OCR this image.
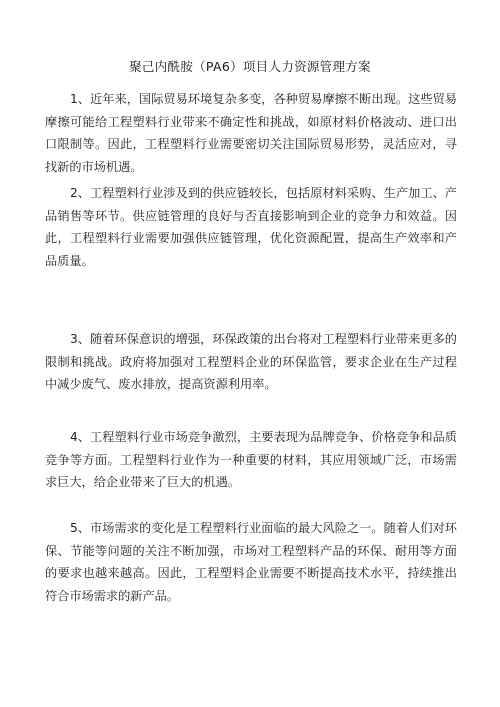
聚己内酰胺（PA6）项目人力资源管理方案

1、近年来，国际贸易环境复杂多变，各种贸易摩擦不断出现。这些贸易摩擦可能给工程塑料行业带来不确定性和挑战，如原材料价格波动、进口出口限制等。因此，工程塑料行业需要密切关注国际贸易形势，灵活应对，寻找新的市场机遇。

2、工程塑料行业涉及到的供应链较长，包括原材料采购、生产加工、产品销售等环节。供应链管理的良好与否直接影响到企业的竞争力和效益。因此，工程塑料行业需要加强供应链管理，优化资源配置，提高生产效率和产品质量。

3、随着环保意识的增强，环保政策的出台将对工程塑料行业带来更多的限制和挑战。政府将加强对工程塑料企业的环保监管，要求企业在生产过程中减少废气、废水排放，提高资源利用率。

4、工程塑料行业市场竞争激烈，主要表现为品牌竞争、价格竞争和品质竞争等方面。工程塑料行业作为一种重要的材料，其应用领域广泛，市场需求巨大，给企业带来了巨大的机遇。

5、市场需求的变化是工程塑料行业面临的最大风险之一。随着人们对环保、节能等问题的关注不断加强，市场对工程塑料产品的环保、耐用等方面的要求也越来越高。因此，工程塑料企业需要不断提高技术水平，持续推出符合市场需求的新产品。
